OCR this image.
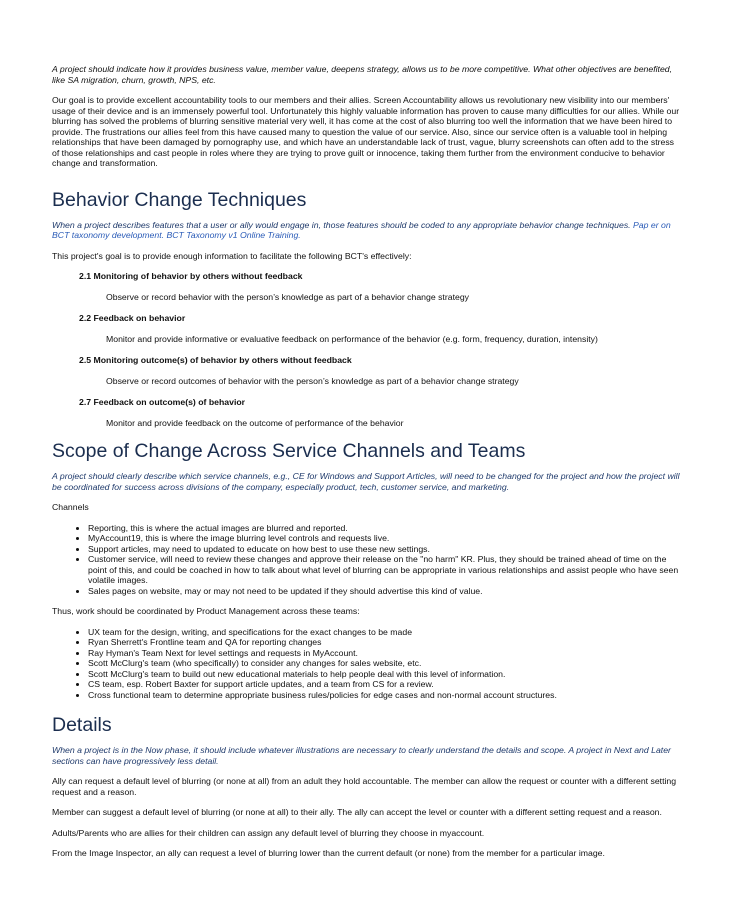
A project should indicate how it provides business value, member value, deepens strategy, allows us to be more competitive. What other objectives are benefited, like SA migration, churn, growth, NPS, etc.

Our goal is to provide excellent accountability tools to our members and their allies. Screen Accountability allows us revolutionary new visibility into our members' usage of their device and is an immensely powerful tool. Unfortunately this highly valuable information has proven to cause many difficulties for our allies. While our blurring has solved the problems of blurring sensitive material very well, it has come at the cost of also blurring too well the information that we have been hired to provide. The frustrations our allies feel from this have caused many to question the value of our service. Also, since our service often is a valuable tool in helping relationships that have been damaged by pornography use, and which have an understandable lack of trust, vague, blurry screenshots can often add to the stress of those relationships and cast people in roles where they are trying to prove guilt or innocence, taking them further from the environment conducive to behavior change and transformation.

Behavior Change Techniques

When a project describes features that a user or ally would engage in, those features should be coded to any appropriate behavior change techniques. Pap er on BCT taxonomy development. BCT Taxonomy v1 Online Training.

This project's goal is to provide enough information to facilitate the following BCT's effectively:

2.1 Monitoring of behavior by others without feedback

Observe or record behavior with the person’s knowledge as part of a behavior change strategy

2.2 Feedback on behavior

Monitor and provide informative or evaluative feedback on performance of the behavior (e.g. form, frequency, duration, intensity)

2.5 Monitoring outcome(s) of behavior by others without feedback

Observe or record outcomes of behavior with the person’s knowledge as part of a behavior change strategy

2.7 Feedback on outcome(s) of behavior

Monitor and provide feedback on the outcome of performance of the behavior

Scope of Change Across Service Channels and Teams

A project should clearly describe which service channels, e.g., CE for Windows and Support Articles, will need to be changed for the project and how the project will be coordinated for success across divisions of the company, especially product, tech, customer service, and marketing.

Channels

• Reporting, this is where the actual images are blurred and reported.
• MyAccount19, this is where the image blurring level controls and requests live.
• Support articles, may need to updated to educate on how best to use these new settings.
• Customer service, will need to review these changes and approve their release on the "no harm" KR. Plus, they should be trained ahead of time on the point of this, and could be coached in how to talk about what level of blurring can be appropriate in various relationships and assist people who have seen volatile images.
• Sales pages on website, may or may not need to be updated if they should advertise this kind of value.

Thus, work should be coordinated by Product Management across these teams:

• UX team for the design, writing, and specifications for the exact changes to be made
• Ryan Sherrett's Frontline team and QA for reporting changes
• Ray Hyman's Team Next for level settings and requests in MyAccount.
• Scott McClurg's team (who specifically) to consider any changes for sales website, etc.
• Scott McClurg's team to build out new educational materials to help people deal with this level of information.
• CS team, esp. Robert Baxter for support article updates, and a team from CS for a review.
• Cross functional team to determine appropriate business rules/policies for edge cases and non-normal account structures.
Details

When a project is in the Now phase, it should include whatever illustrations are necessary to clearly understand the details and scope. A project in Next and Later sections can have progressively less detail.

Ally can request a default level of blurring (or none at all) from an adult they hold accountable. The member can allow the request or counter with a different setting request and a reason.

Member can suggest a default level of blurring (or none at all) to their ally. The ally can accept the level or counter with a different setting request and a reason.

Adults/Parents who are allies for their children can assign any default level of blurring they choose in myaccount.

From the Image Inspector, an ally can request a level of blurring lower than the current default (or none) from the member for a particular image.
